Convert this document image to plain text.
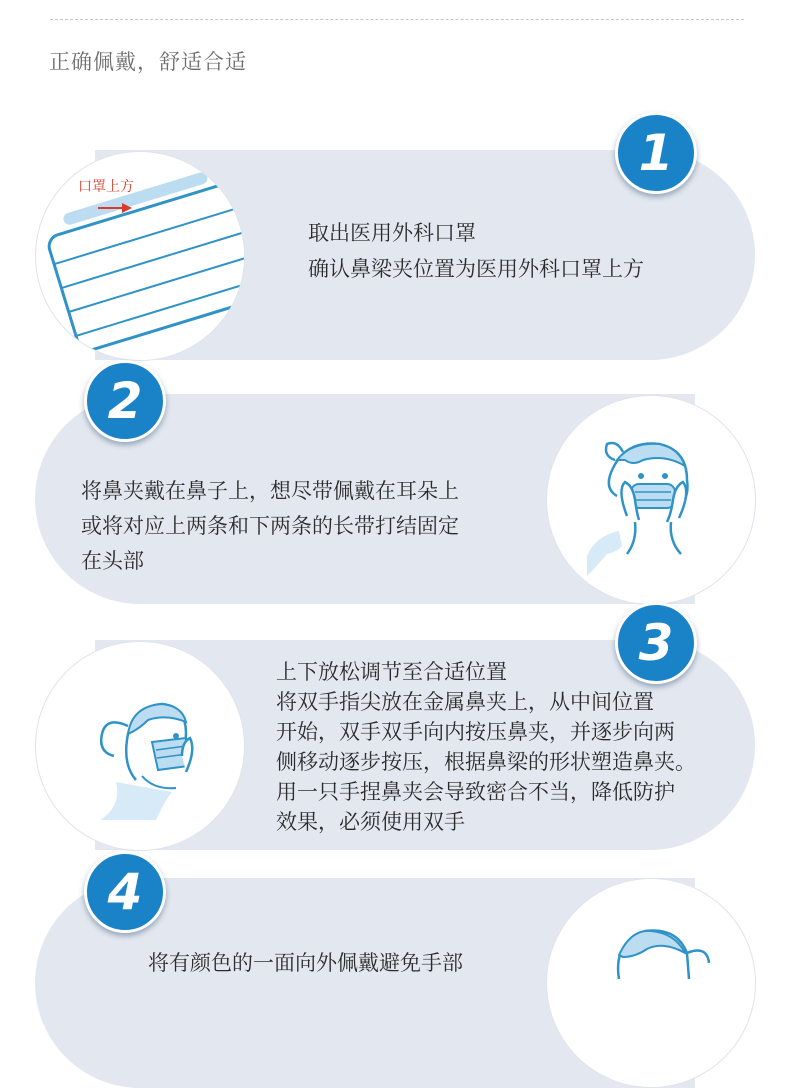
正确佩戴，舒适合适
口罩上方
1
取出医用外科口罩
确认鼻梁夹位置为医用外科口罩上方
2
将鼻夹戴在鼻子上，想尽带佩戴在耳朵上
或将对应上两条和下两条的长带打结固定
在头部
3
上下放松调节至合适位置
将双手指尖放在金属鼻夹上，从中间位置
开始，双手双手向内按压鼻夹，并逐步向两
侧移动逐步按压，根据鼻梁的形状塑造鼻夹。
用一只手捏鼻夹会导致密合不当，降低防护
效果，必须使用双手
4
将有颜色的一面向外佩戴避免手部
